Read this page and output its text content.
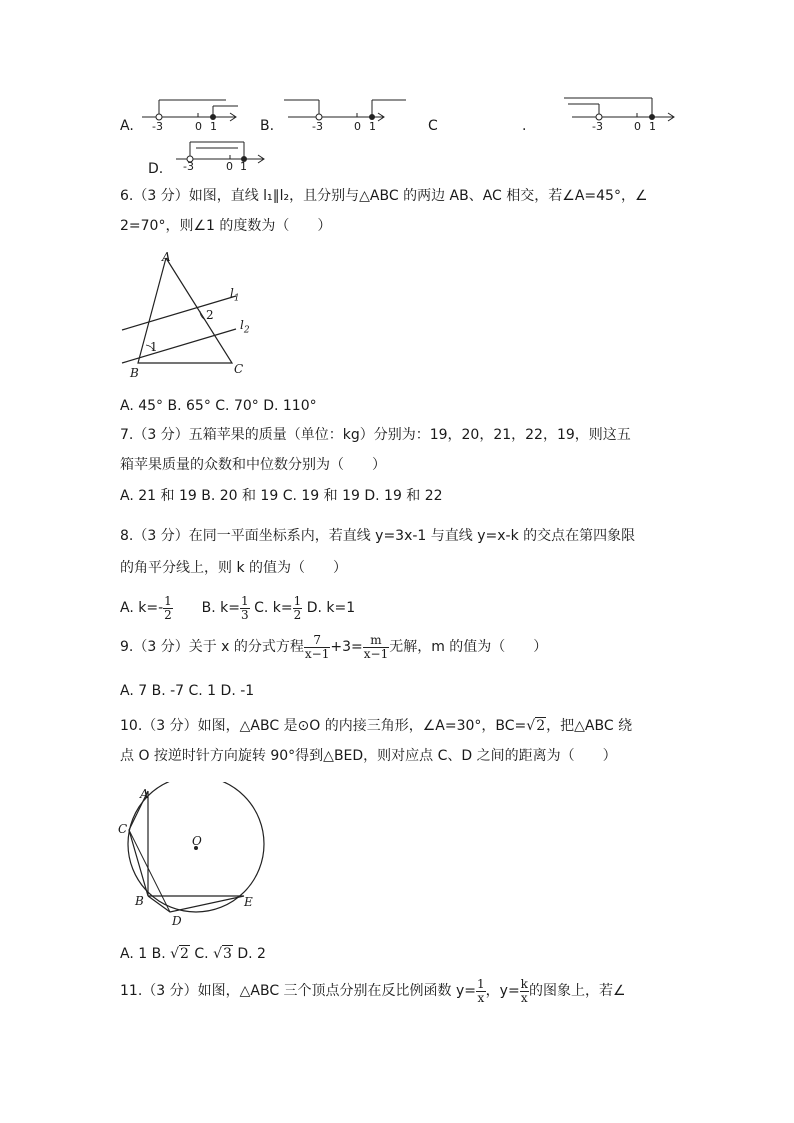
A. -3	0 1	B.	-3	0 1	C	.	-3	0 1
D. -3	0 1
6.（3 分）如图，直线 l₁∥l₂，且分别与△ABC 的两边 AB、AC 相交，若∠A=45°，∠
2=70°，则∠1 的度数为（　　）
A
B	C
$l_1$
$l_2$
1
2
A. 45° B. 65° C. 70° D. 110°
7.（3 分）五箱苹果的质量（单位：kg）分别为：19，20，21，22，19，则这五
箱苹果质量的众数和中位数分别为（　　）
A. 21 和 19 B. 20 和 19 C. 19 和 19 D. 19 和 22
8.（3 分）在同一平面坐标系内，若直线 y=3x-1 与直线 y=x-k 的交点在第四象限
的角平分线上，则 k 的值为（　　）
A. $k=- \frac{1}{2} B$. $k= \frac{1}{3} C$. $k= \frac{1}{2} D$. k=1
9.（3 分）关于 x 的分式方程 $\frac{7}{x-1} +3= \frac{m}{x-1}$ 无解，m 的值为（　　）
A. 7 B. -7 C. 1 D. -1
10.（3 分）如图，△ABC 是⊙O 的内接三角形，∠A=30°，BC=√2，把△ABC 绕
点 O 按逆时针方向旋转 90°得到△BED，则对应点 C、D 之间的距离为（　　）
A
C
O
B
D
E
A. 1 B. √2 C. √3 D. 2
11.（3 分）如图，△ABC 三个顶点分别在反比例函数 $y= \frac{1}{x}$ ，$y= \frac{k}{x}$ 的图象上，若∠
